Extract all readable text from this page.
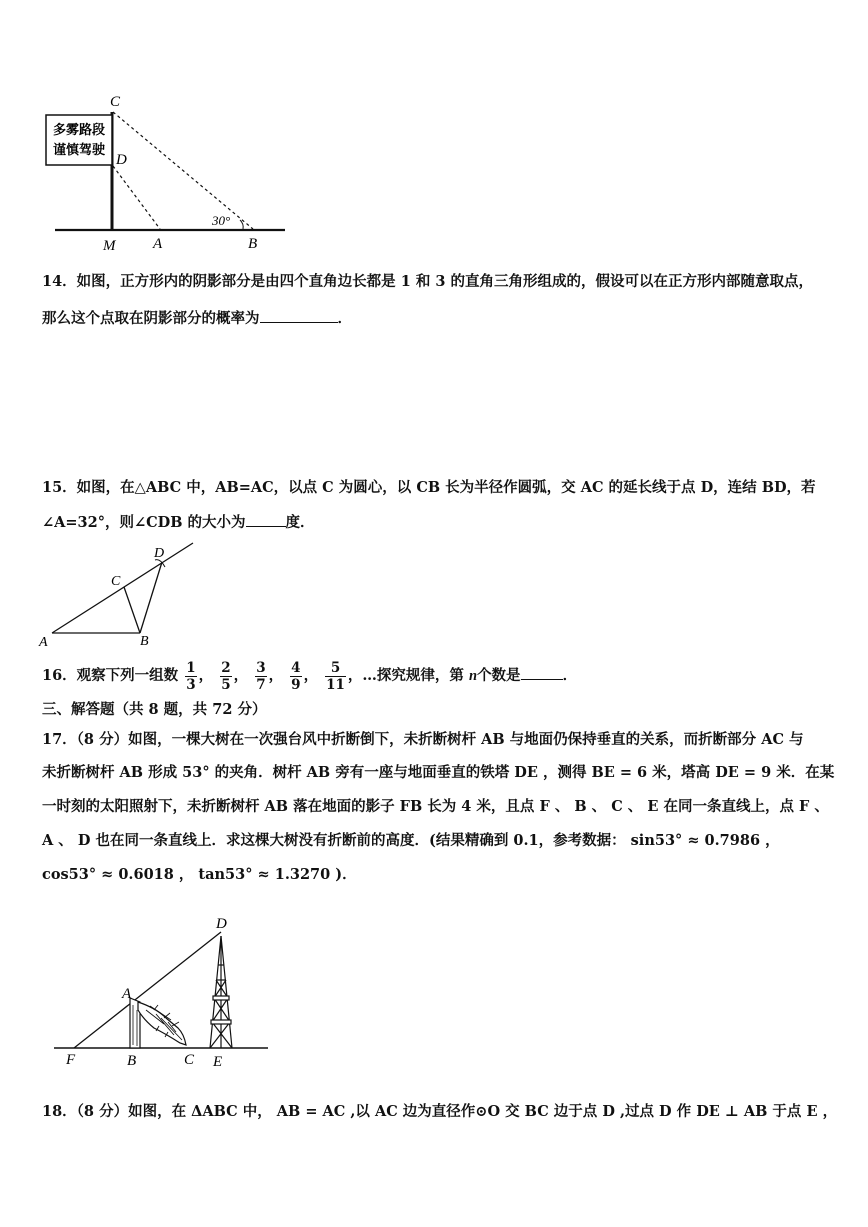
多雾路段
谨慎驾驶
30°
C
D
M	A	B
14．如图，正方形内的阴影部分是由四个直角边长都是 1 和 3 的直角三角形组成的，假设可以在正方形内部随意取点，
那么这个点取在阴影部分的概率为	．
15．如图，在△ABC 中，AB=AC，以点 C 为圆心，以 CB 长为半径作圆弧，交 AC 的延长线于点 D，连结 BD，若
∠A=32°，则∠CDB 的大小为	度．
A	B
C
D
16．观察下列一组数 $\frac{1}{3}$ ， $\frac{2}{5}$ ， $\frac{3}{7}$ ， $\frac{4}{9}$ ， $\frac{5}{11}$ ，…探究规律，第 n个数是	．
三、解答题（共 8 题，共 72 分）
17．（8 分）如图，一棵大树在一次强台风中折断倒下，未折断树杆 AB 与地面仍保持垂直的关系，而折断部分 AC 与
未折断树杆 AB 形成 53° 的夹角．树杆 AB 旁有一座与地面垂直的铁塔 DE ，测得 BE = 6 米，塔高 DE = 9 米．在某
一时刻的太阳照射下，未折断树杆 AB 落在地面的影子 FB 长为 4 米，且点 F 、 B 、 C 、 E 在同一条直线上，点 F 、
A 、 D 也在同一条直线上．求这棵大树没有折断前的高度．(结果精确到 0.1，参考数据： sin53° ≈ 0.7986 ，
cos53° ≈ 0.6018 ， tan53° ≈ 1.3270 )．
D
A
F	B	C E
18．（8 分）如图，在 ΔABC 中， AB = AC ,以 AC 边为直径作⊙O 交 BC 边于点 D ,过点 D 作 DE ⊥ AB 于点 E ，
